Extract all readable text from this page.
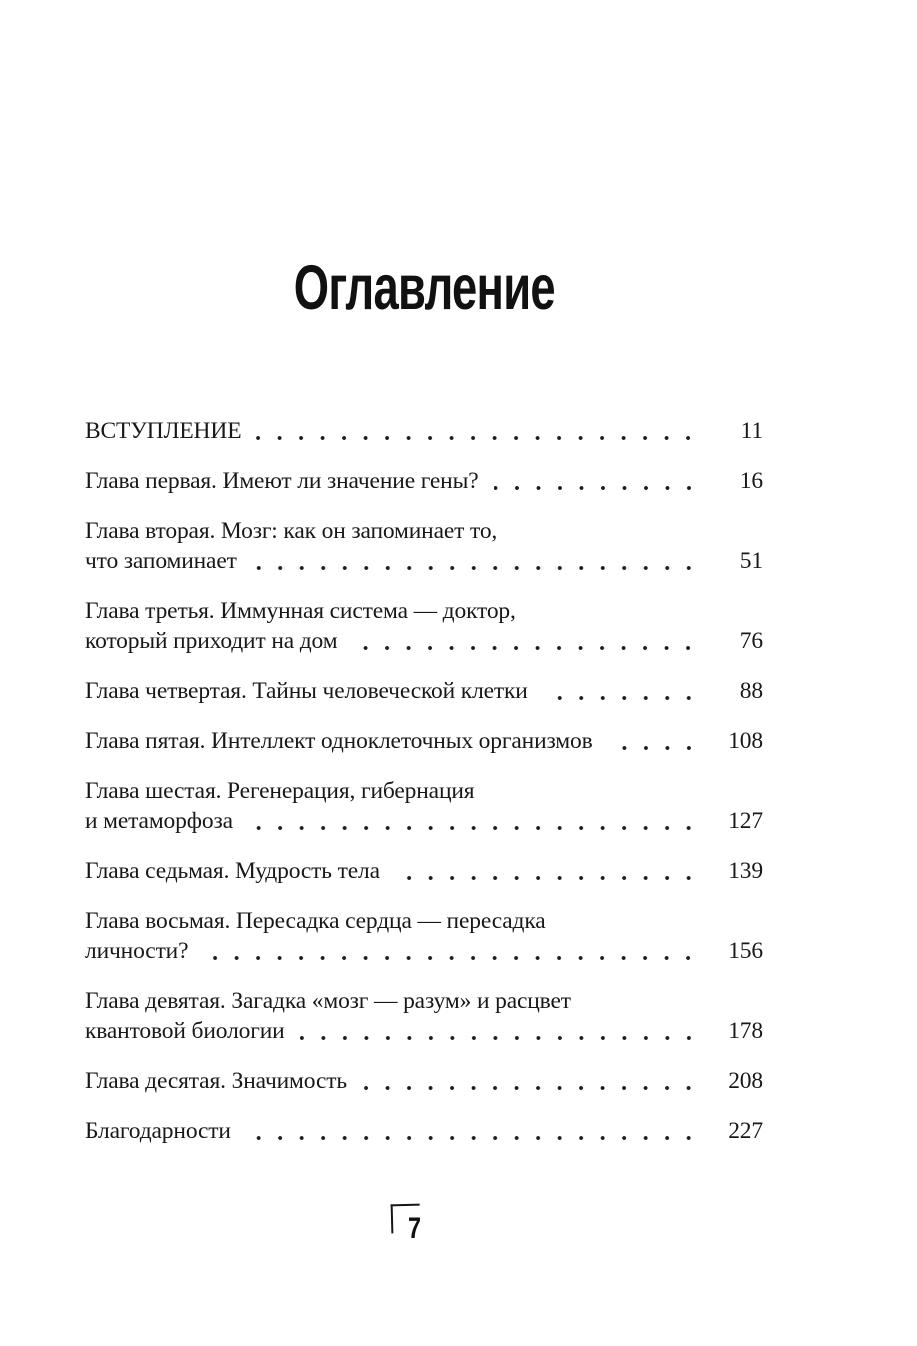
Оглавление
ВСТУПЛЕНИЕ	11
Глава первая. Имеют ли значение гены?	16
Глава вторая. Мозг: как он запоминает то,
что запоминает	51
Глава третья. Иммунная система — доктор,
который приходит на дом	76
Глава четвертая. Тайны человеческой клетки	88
Глава пятая. Интеллект одноклеточных организмов	108
Глава шестая. Регенерация, гибернация
и метаморфоза	127
Глава седьмая. Мудрость тела	139
Глава восьмая. Пересадка сердца — пересадка
личности?	156
Глава девятая. Загадка «мозг — разум» и расцвет
квантовой биологии	178
Глава десятая. Значимость	208
Благодарности	227
7
